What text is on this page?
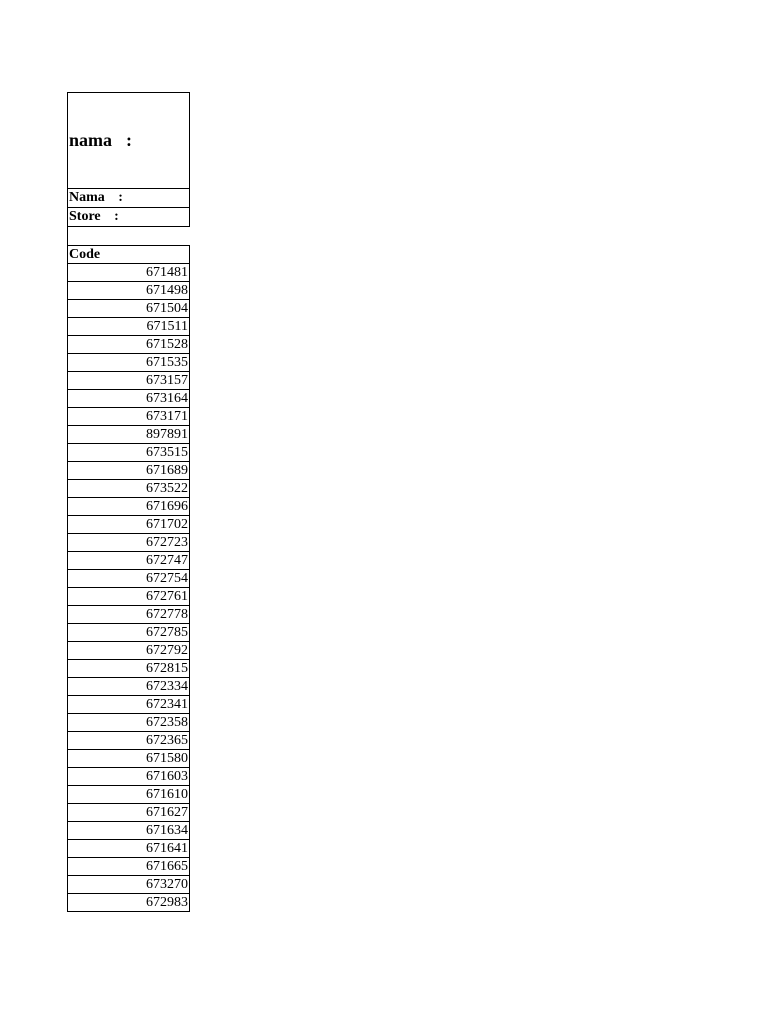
nama :
Nama :
Store :
Code
671481
671498
671504
671511
671528
671535
673157
673164
673171
897891
673515
671689
673522
671696
671702
672723
672747
672754
672761
672778
672785
672792
672815
672334
672341
672358
672365
671580
671603
671610
671627
671634
671641
671665
673270
672983
